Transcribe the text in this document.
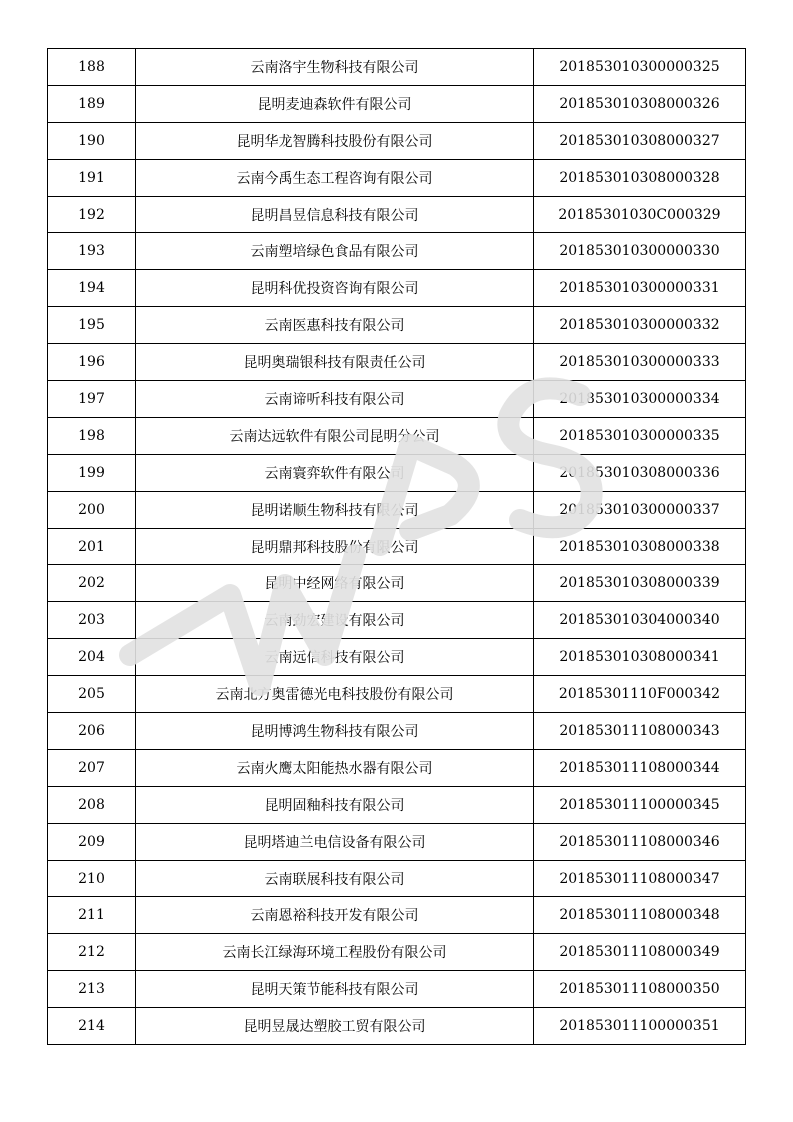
188	云南洛宇生物科技有限公司	201853010300000325
189	昆明麦迪森软件有限公司	201853010308000326
190	昆明华龙智腾科技股份有限公司	201853010308000327
191	云南今禹生态工程咨询有限公司	201853010308000328
192	昆明昌昱信息科技有限公司	20185301030C000329
193	云南塑培绿色食品有限公司	201853010300000330
194	昆明科优投资咨询有限公司	201853010300000331
195	云南医惠科技有限公司	201853010300000332
196	昆明奥瑞银科技有限责任公司	201853010300000333
197	云南谛听科技有限公司	201853010300000334
198	云南达远软件有限公司昆明分公司	201853010300000335
199	云南寰弈软件有限公司	201853010308000336
200	昆明诺顺生物科技有限公司	201853010300000337
201	昆明鼎邦科技股份有限公司	201853010308000338
202	昆明中经网络有限公司	201853010308000339
203	云南劲宏建设有限公司	201853010304000340
204	云南远信科技有限公司	201853010308000341
205	云南北方奥雷德光电科技股份有限公司	20185301110F000342
206	昆明博鸿生物科技有限公司	201853011108000343
207	云南火鹰太阳能热水器有限公司	201853011108000344
208	昆明固釉科技有限公司	201853011100000345
209	昆明塔迪兰电信设备有限公司	201853011108000346
210	云南联展科技有限公司	201853011108000347
211	云南恩裕科技开发有限公司	201853011108000348
212	云南长江绿海环境工程股份有限公司	201853011108000349
213	昆明天策节能科技有限公司	201853011108000350
214	昆明昱晟达塑胶工贸有限公司	201853011100000351
